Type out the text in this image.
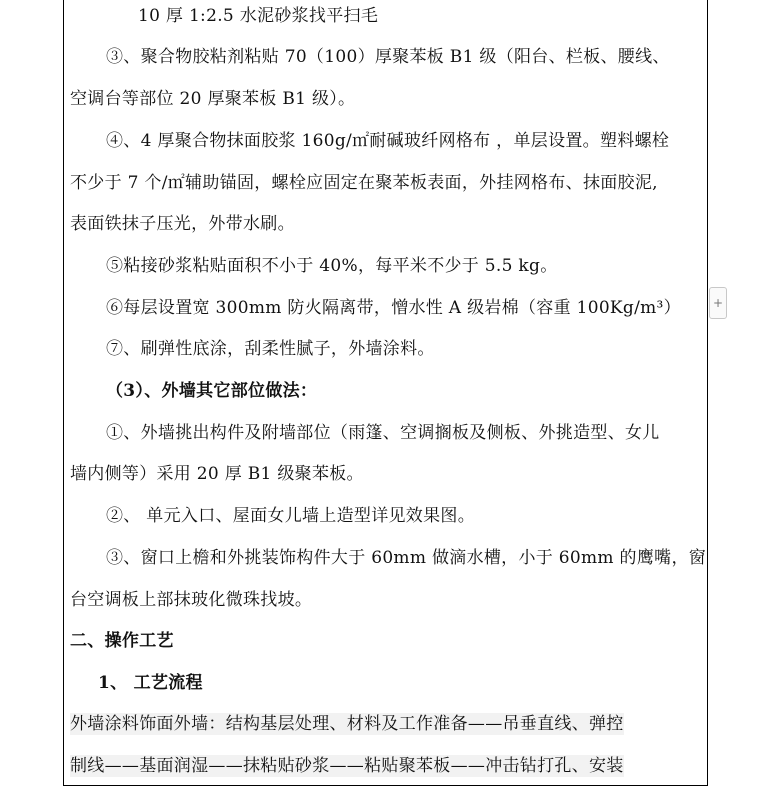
10 厚 1:2.5 水泥砂浆找平扫毛
③、聚合物胶粘剂粘贴 70（100）厚聚苯板 B1 级（阳台、栏板、腰线、
空调台等部位 20 厚聚苯板 B1 级）。
④、4 厚聚合物抹面胶浆 160g/㎡耐碱玻纤网格布 ，单层设置。塑料螺栓
不少于 7 个/㎡辅助锚固，螺栓应固定在聚苯板表面，外挂网格布、抹面胶泥,
表面铁抹子压光，外带水刷。
⑤粘接砂浆粘贴面积不小于 40%，每平米不少于 5.5 kg。
⑥每层设置宽 300mm 防火隔离带，憎水性 A 级岩棉（容重 100Kg/m³）
⑦、刷弹性底涂，刮柔性腻子，外墙涂料。
（3）、外墙其它部位做法：
①、外墙挑出构件及附墙部位（雨篷、空调搁板及侧板、外挑造型、女儿
墙内侧等）采用 20 厚 B1 级聚苯板。
②、 单元入口、屋面女儿墙上造型详见效果图。
③、窗口上檐和外挑装饰构件大于 60mm 做滴水槽，小于 60mm 的鹰嘴，窗
台空调板上部抹玻化微珠找坡。
二、操作工艺
1、 工艺流程
外墙涂料饰面外墙：结构基层处理、材料及工作准备——吊垂直线、弹控
制线——基面润湿——抹粘贴砂浆——粘贴聚苯板——冲击钻打孔、安装
+
